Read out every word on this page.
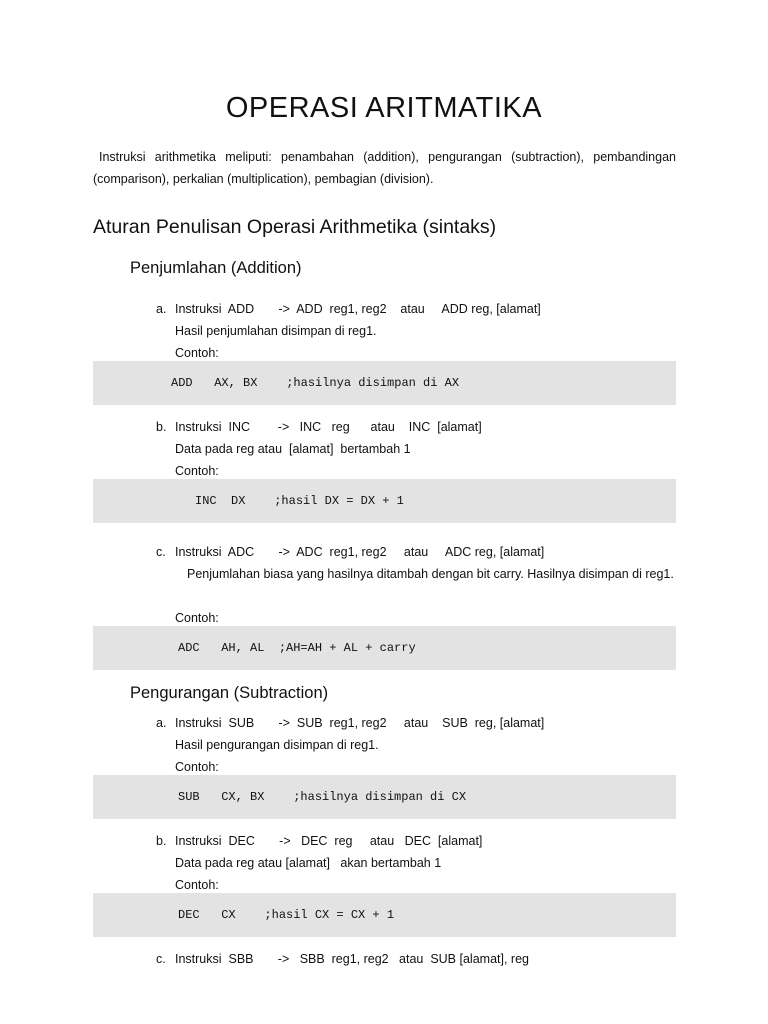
OPERASI ARITMATIKA

Instruksi arithmetika meliputi: penambahan (addition), pengurangan (subtraction), pembandingan (comparison), perkalian (multiplication), pembagian (division).

Aturan Penulisan Operasi Arithmetika (sintaks)
Penjumlahan (Addition)
a. Instruksi  ADD       ->  ADD  reg1, reg2    atau     ADD reg, [alamat]
Hasil penjumlahan disimpan di reg1.
Contoh:
ADD   AX, BX    ;hasilnya disimpan di AX
b. Instruksi  INC        ->   INC   reg      atau    INC  [alamat]
Data pada reg atau  [alamat]  bertambah 1
Contoh:
INC  DX    ;hasil DX = DX + 1
c. Instruksi  ADC       ->  ADC  reg1, reg2     atau     ADC reg, [alamat]
Penjumlahan biasa yang hasilnya ditambah dengan bit carry. Hasilnya disimpan di reg1.
Contoh:
ADC   AH, AL  ;AH=AH + AL + carry
Pengurangan (Subtraction)
a. Instruksi  SUB       ->  SUB  reg1, reg2     atau    SUB  reg, [alamat]
Hasil pengurangan disimpan di reg1.
Contoh:
SUB   CX, BX    ;hasilnya disimpan di CX
b. Instruksi  DEC       ->   DEC  reg     atau   DEC  [alamat]
Data pada reg atau [alamat]   akan bertambah 1
Contoh:
DEC   CX    ;hasil CX = CX + 1
c. Instruksi  SBB       ->   SBB  reg1, reg2   atau  SUB [alamat], reg
